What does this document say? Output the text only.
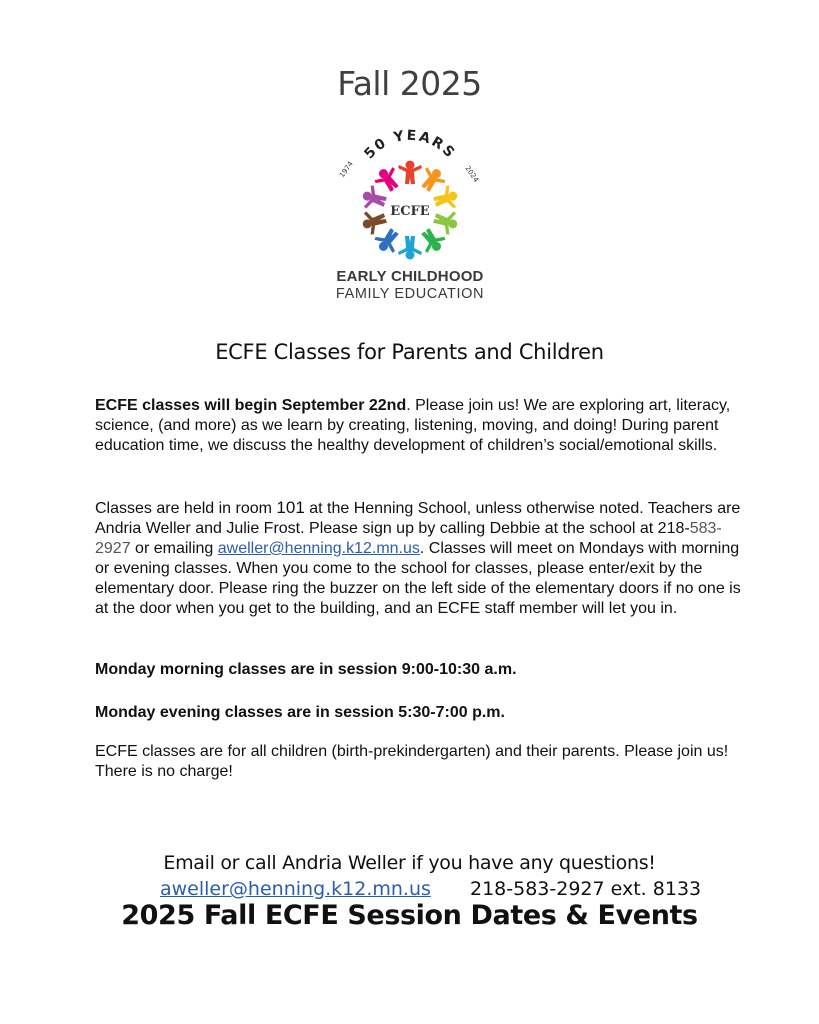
Fall 2025
50 YEARS
1974	2024
ECFE
EARLY CHILDHOOD
FAMILY EDUCATION
ECFE Classes for Parents and Children
ECFE classes will begin September 22nd. Please join us! We are exploring art, literacy, science, (and more) as we learn by creating, listening, moving, and doing! During parent education time, we discuss the healthy development of children’s social/emotional skills.
Classes are held in room 101 at the Henning School, unless otherwise noted. Teachers are Andria Weller and Julie Frost. Please sign up by calling Debbie at the school at 218-583-2927 or emailing aweller@henning.k12.mn.us. Classes will meet on Mondays with morning or evening classes. When you come to the school for classes, please enter/exit by the elementary door. Please ring the buzzer on the left side of the elementary doors if no one is at the door when you get to the building, and an ECFE staff member will let you in.
Monday morning classes are in session 9:00-10:30 a.m.
Monday evening classes are in session 5:30-7:00 p.m.
ECFE classes are for all children (birth-prekindergarten) and their parents. Please join us! There is no charge!
Email or call Andria Weller if you have any questions!
aweller@henning.k12.mn.us 218-583-2927 ext. 8133
2025 Fall ECFE Session Dates & Events
